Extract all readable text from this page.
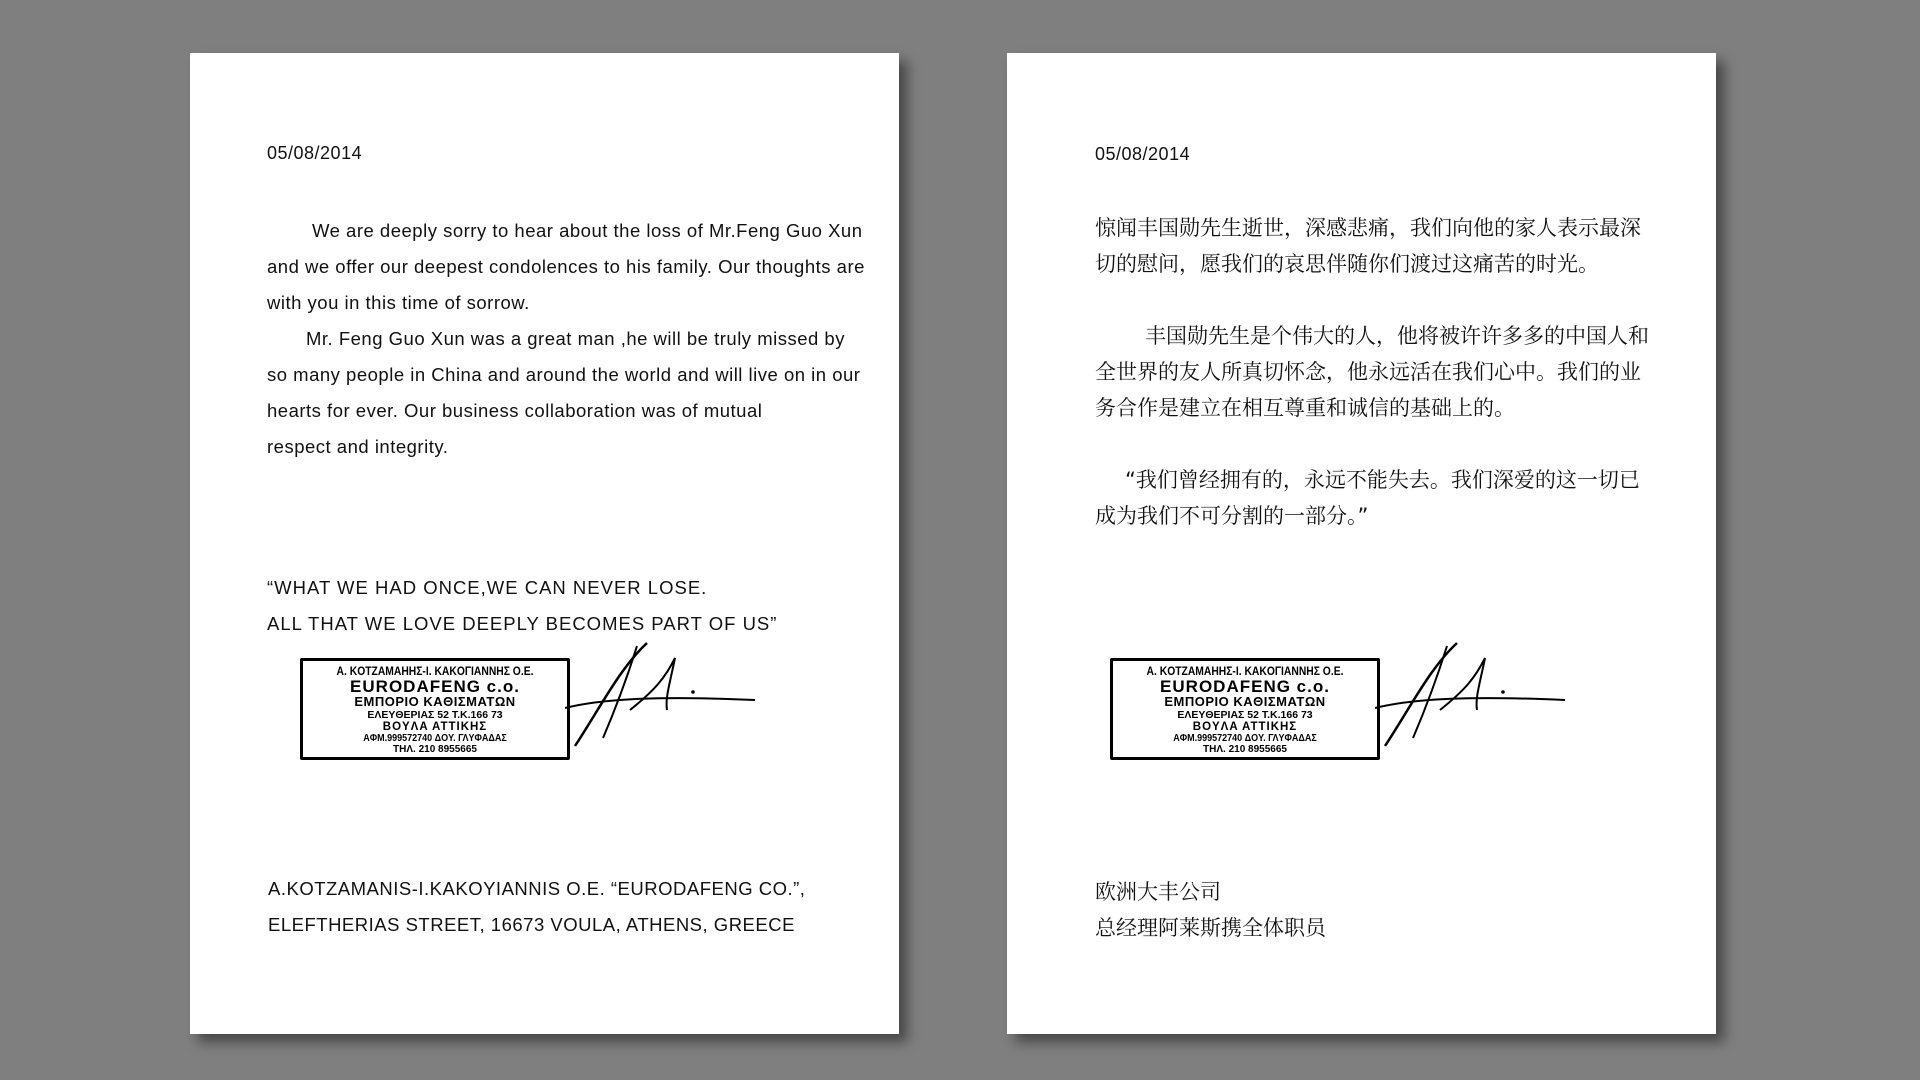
05/08/2014

We are deeply sorry to hear about the loss of Mr.Feng Guo Xun and we offer our deepest condolences to his family. Our thoughts are with you in this time of sorrow.

Mr. Feng Guo Xun was a great man ,he will be truly missed by so many people in China and around the world and will live on in our hearts for ever. Our business collaboration was of mutual

respect and integrity.

“WHAT WE HAD ONCE,WE CAN NEVER LOSE.
ALL THAT WE LOVE DEEPLY BECOMES PART OF US”
A. KOTZAMAHHΣ-I. KAKOΓIANNHΣ O.E.
EURODAFENG c.o.
EMΠOPIO KAΘIΣMATΩN
EΛEYΘEPIAΣ 52 T.K.166 73
BOYΛA ATTIKHΣ
AΦM.999572740 ΔOY. ΓΛYΦAΔAΣ
THΛ. 210 8955665
A.KOTZAMANIS-I.KAKOYIANNIS O.E. “EURODAFENG CO.”,
ELEFTHERIAS STREET, 16673 VOULA, ATHENS, GREECE
05/08/2014

惊闻丰国勋先生逝世，深感悲痛，我们向他的家人表示最深切的慰问，愿我们的哀思伴随你们渡过这痛苦的时光。

丰国勋先生是个伟大的人，他将被许许多多的中国人和全世界的友人所真切怀念，他永远活在我们心中。我们的业务合作是建立在相互尊重和诚信的基础上的。

“我们曾经拥有的，永远不能失去。我们深爱的这一切已成为我们不可分割的一部分。”

A. KOTZAMAHHΣ-I. KAKOΓIANNHΣ O.E.
EURODAFENG c.o.
EMΠOPIO KAΘIΣMATΩN
EΛEYΘEPIAΣ 52 T.K.166 73
BOYΛA ATTIKHΣ
AΦM.999572740 ΔOY. ΓΛYΦAΔAΣ
THΛ. 210 8955665
欧洲大丰公司
总经理阿莱斯携全体职员
